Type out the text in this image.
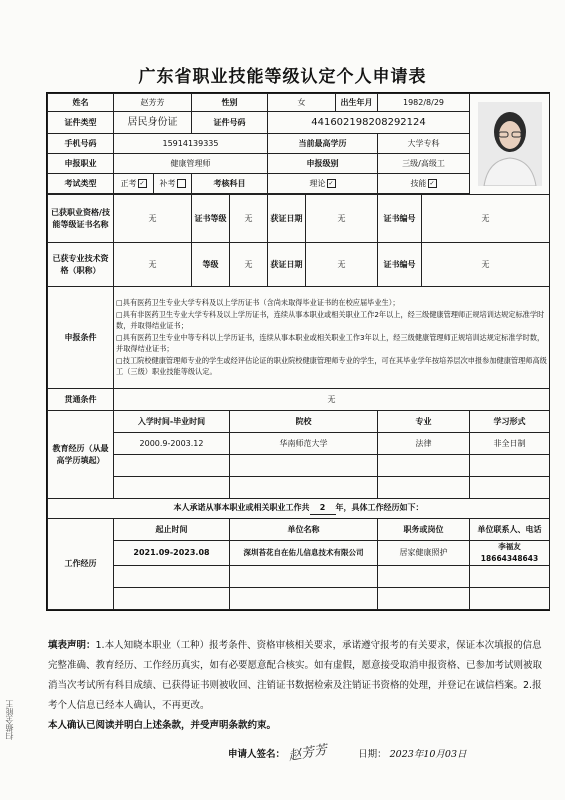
广东省职业技能等级认定个人申请表
姓名	赵芳芳		性别		女		出生年月	1982/8/29	

证件类型	居民身份证		证件号码		441602198208292124					
手机号码	15914139335				当前最高学历			大学专科		
申报职业	健康管理师				申报级别			三级/高级工		
考试类型	正考 ✓	补考	考核科目		理论 ✓			技能 ✓		

已获职业资格/技能等级证书名称	无		证书等级	无	获证日期	无		证书编号	无	
已获专业技术资格（职称）	无		等级	无	获证日期	无		证书编号	无	
申报条件	□具有医药卫生专业大学专科及以上学历证书（含尚未取得毕业证书的在校应届毕业生）；

□具有非医药卫生专业大学专科及以上学历证书，连续从事本职业或相关职业工作2年以上，经三级健康管理师正规培训达规定标准学时数，并取得结业证书；

□具有医药卫生专业中等专科以上学历证书，连续从事本职业或相关职业工作3年以上，经三级健康管理师正规培训达规定标准学时数，并取得结业证书；

□技工院校健康管理师专业的学生或经评估论证的职业院校健康管理师专业的学生，可在其毕业学年按培养层次申报参加健康管理师高级工（三级）职业技能等级认定。									

贯通条件	无									
教育经历（从最高学历填起）	入学时间-毕业时间			院校				专业		学习形式
	2000.9-2003.12			华南师范大学				法律		非全日制

本人承诺从事本职业或相关职业工作共 2 年，具体工作经历如下：										
工作经历	起止时间			单位名称				职务或岗位		单位联系人、电话
	2021.09-2023.08			深圳苔花自在佑儿信息技术有限公司				居家健康照护		李福友 18664348643

填表声明：1.本人知晓本职业（工种）报考条件、资格审核相关要求，承诺遵守报考的有关要求，保证本次填报的信息完整准确、教育经历、工作经历真实，如有必要愿意配合核实。如有虚假，愿意接受取消申报资格、已参加考试则被取消当次考试所有科目成绩、已获得证书则被收回、注销证书数据检索及注销证书资格的处理，并登记在诚信档案。2.报考个人信息已经本人确认，不再更改。
本人确认已阅读并明白上述条款，并受声明条款约束。
申请人签名： 赵芳芳	日期： 2023年10月03日
扫描全能王
